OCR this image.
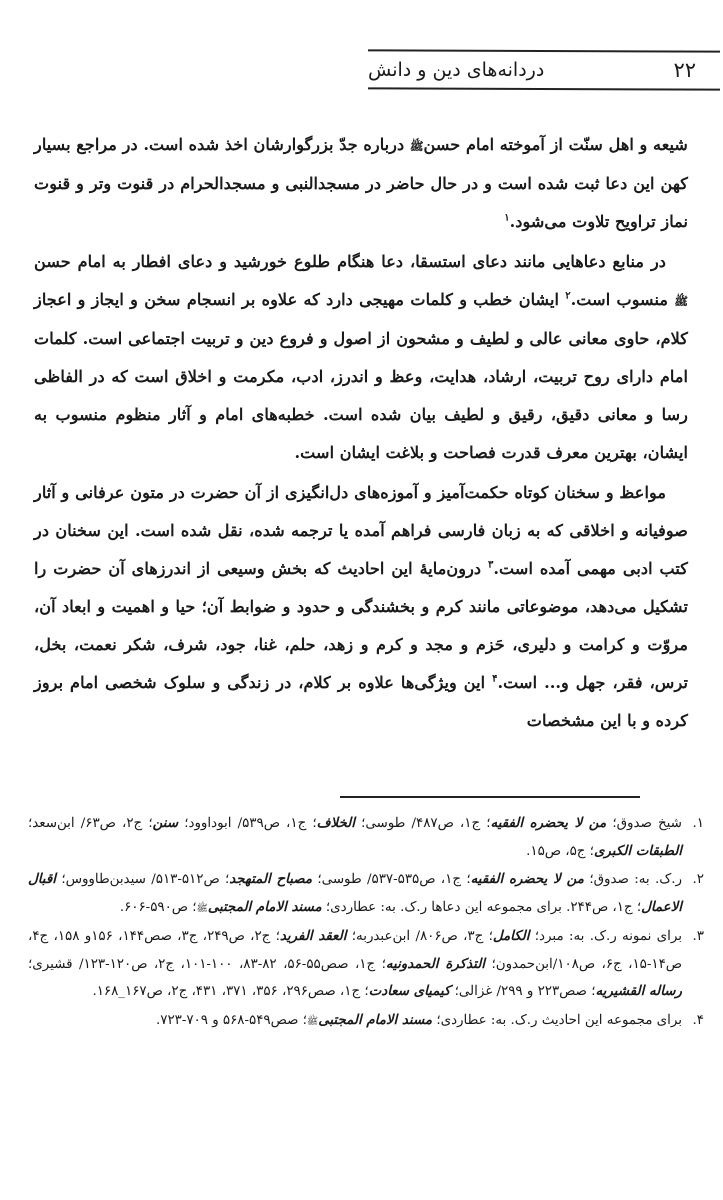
۲۲
دردانه‌های دین و دانش

شیعه و اهل سنّت از آموخته امام حسنﷺ درباره جدّ بزرگوارشان اخذ شده است. در مراجع بسیار کهن این دعا ثبت شده است و در حال حاضر در مسجدالنبی و مسجدالحرام در قنوت وتر و قنوت نماز تراویح تلاوت می‌شود.$^۱$

در منابع دعاهایی مانند دعای استسقا، دعا هنگام طلوع خورشید و دعای افطار به امام حسن ﷺ منسوب است.$^۲$ ایشان خطب و کلمات مهیجی دارد که علاوه بر انسجام سخن و ایجاز و اعجاز کلام، حاوی معانی عالی و لطیف و مشحون از اصول و فروع دین و تربیت اجتماعی است. کلمات امام دارای روح تربیت، ارشاد، هدایت، وعظ و اندرز، ادب، مکرمت و اخلاق است که در الفاظی رسا و معانی دقیق، رقیق و لطیف بیان شده است. خطبه‌های امام و آثار منظوم منسوب به ایشان، بهترین معرف قدرت فصاحت و بلاغت ایشان است.

مواعظ و سخنان کوتاه حکمت‌آمیز و آموزه‌های دل‌انگیزی از آن حضرت در متون عرفانی و آثار صوفیانه و اخلاقی که به زبان فارسی فراهم آمده یا ترجمه شده، نقل شده است. این سخنان در کتب ادبی مهمی آمده است.$^۳$ درون‌مایهٔ این احادیث که بخش وسیعی از اندرزهای آن حضرت را تشکیل می‌دهد، موضوعاتی مانند کرم و بخشندگی و حدود و ضوابط آن؛ حیا و اهمیت و ابعاد آن، مروّت و کرامت و دلیری، حَزم و مجد و کرم و زهد، حلم، غنا، جود، شرف، شکر نعمت، بخل، ترس، فقر، جهل و... است.$^۴$ این ویژگی‌ها علاوه بر کلام، در زندگی و سلوک شخصی امام بروز کرده و با این مشخصات

۱.شیخ صدوق؛ من لا یحضره الفقیه؛ ج۱، ص۴۸۷/ طوسی؛ الخلاف؛ ج۱، ص۵۳۹/ ابوداوود؛ سنن؛ ج۲، ص۶۳/ ابن‌سعد؛ الطبقات الکبری؛ ج۵، ص۱۵.

۲.ر.ک. به: صدوق؛ من لا یحضره الفقیه؛ ج۱، ص۵۳۵-۵۳۷/ طوسی؛ مصباح المتهجد؛ ص۵۱۲-۵۱۳/ سیدبن‌طاووس؛ اقبال الاعمال؛ ج۱، ص۲۴۴. برای مجموعه این دعاها ر.ک. به: عطاردی؛ مسند الامام المجتبیﷺ؛ ص۵۹۰-۶۰۶.

۳.برای نمونه ر.ک. به: مبرد؛ الکامل؛ ج۳، ص۸۰۶/ ابن‌عبدربه؛ العقد الفرید؛ ج۲، ص۲۴۹، ج۳، صص۱۴۴، ۱۵۶و ۱۵۸، ج۴، ص۱۴-۱۵، ج۶، ص۱۰۸/ابن‌حمدون؛ التذکرة الحمدونیه؛ ج۱، صص۵۵-۵۶، ۸۲-۸۳، ۱۰۰-۱۰۱، ج۲، ص۱۲۰-۱۲۳/ قشیری؛ رساله القشیریه؛ صص۲۲۳ و ۲۹۹/ غزالی؛ کیمیای سعادت؛ ج۱، صص۲۹۶، ۳۵۶، ۳۷۱، ۴۳۱، ج۲، ص۱۶۷_۱۶۸.

۴.برای مجموعه این احادیث ر.ک. به: عطاردی؛ مسند الامام المجتبیﷺ؛ صص۵۴۹-۵۶۸ و ۷۰۹-۷۲۳.
